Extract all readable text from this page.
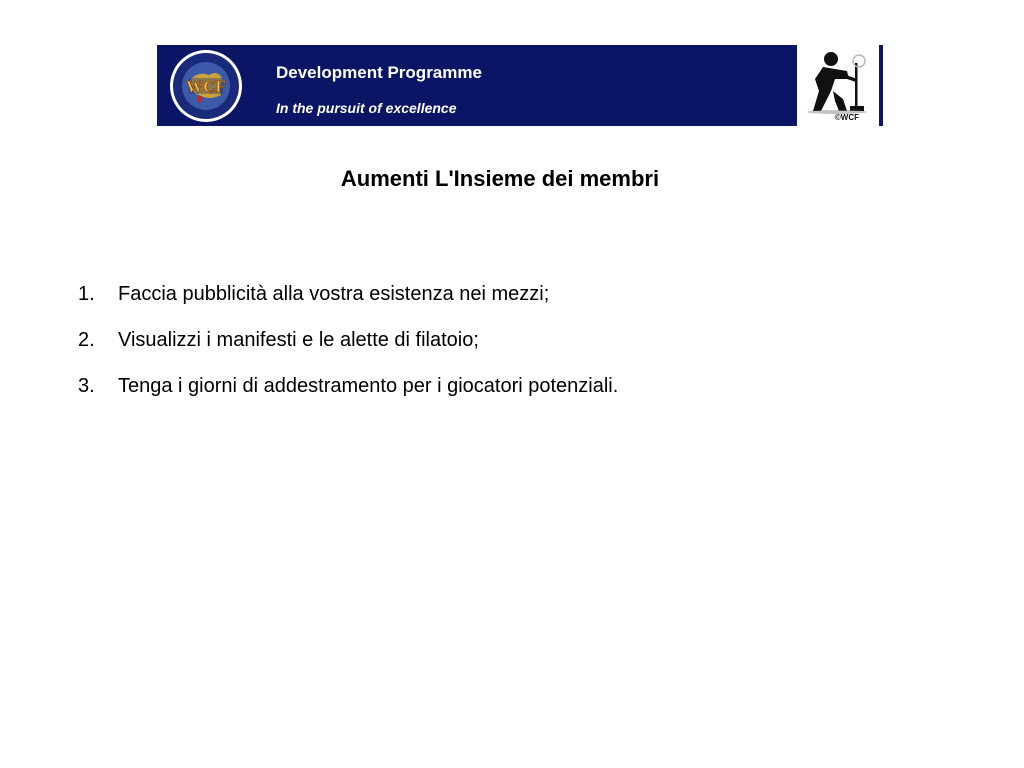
WCF
Development Programme
In the pursuit of excellence
©WCF
Aumenti L'Insieme dei membri
1.	Faccia pubblicità alla vostra esistenza nei mezzi;
2.	Visualizzi i manifesti e le alette di filatoio;
3.	Tenga i giorni di addestramento per i giocatori potenziali.
